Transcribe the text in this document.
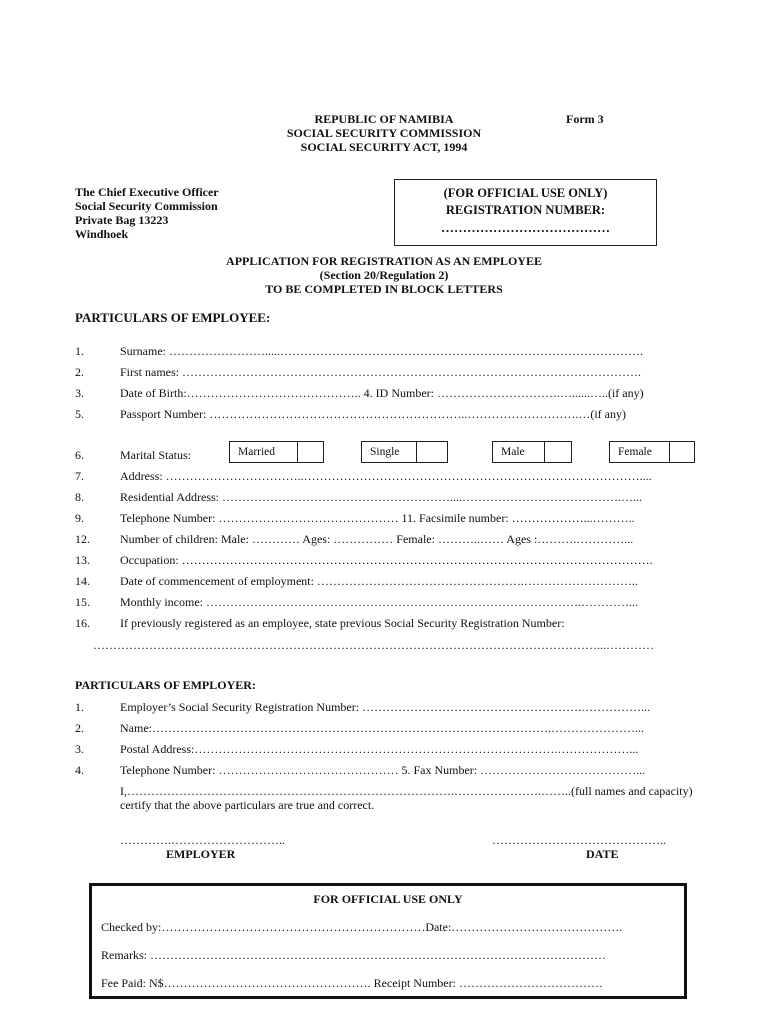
REPUBLIC OF NAMIBIA
SOCIAL SECURITY COMMISSION
SOCIAL SECURITY ACT, 1994
Form 3
The Chief Executive Officer
Social Security Commission
Private Bag 13223
Windhoek
(FOR OFFICIAL USE ONLY)
REGISTRATION NUMBER:
…………………………………
APPLICATION FOR REGISTRATION AS AN EMPLOYEE
(Section 20/Regulation 2)
TO BE COMPLETED IN BLOCK LETTERS
PARTICULARS OF EMPLOYEE:
1.	Surname: …………………….....……………………………………………………………………………….
2.	First names: …………………………………………………………………………………………………….
3.	Date of Birth:…………………………………….. 4. ID Number: ………………………….…......…..(if any)
5.	Passport Number: ………………………………………………………..……………………….…(if any)
6.	Marital Status:	Married	Single	Male	Female
7.	Address: ……………………………..…………………………………………………………………………....
8.	Residential Address: …………………………………………………....………………………………….…...
9.	Telephone Number: ……………………………………… 11. Facsimile number: ………………...………..
12.	Number of children: Male: ………… Ages: …………… Female: ………..…… Ages :……….…………...
13.	Occupation: ……………………………………………………………………………………………………….
14.	Date of commencement of employment: …………………………………………….………………………..
15.	Monthly income: ………………………………………………………………………………….…………...
16.	If previously registered as an employee, state previous Social Security Registration Number:
………………………………………………………………………………………………………………...…………
PARTICULARS OF EMPLOYER:
1.	Employer’s Social Security Registration Number: ……………………………………………….……………...
2.	Name:……………………………………………………………………………………….…………………...
3.	Postal Address:……………………………………………………………………………….………………...
4.	Telephone Number: ……………………………………… 5. Fax Number: …………………………………...
I,……………………………………………………………………….………………….……..(full names and capacity)
certify that the above particulars are true and correct.
………….………………………..	……………………………………..
EMPLOYER	DATE
FOR OFFICIAL USE ONLY
Checked by:…………………………………………………………Date:…………………………………….
Remarks: ……………………………………………………………………………………………………
Fee Paid: N$……………………………………………. Receipt Number: ………………………………
